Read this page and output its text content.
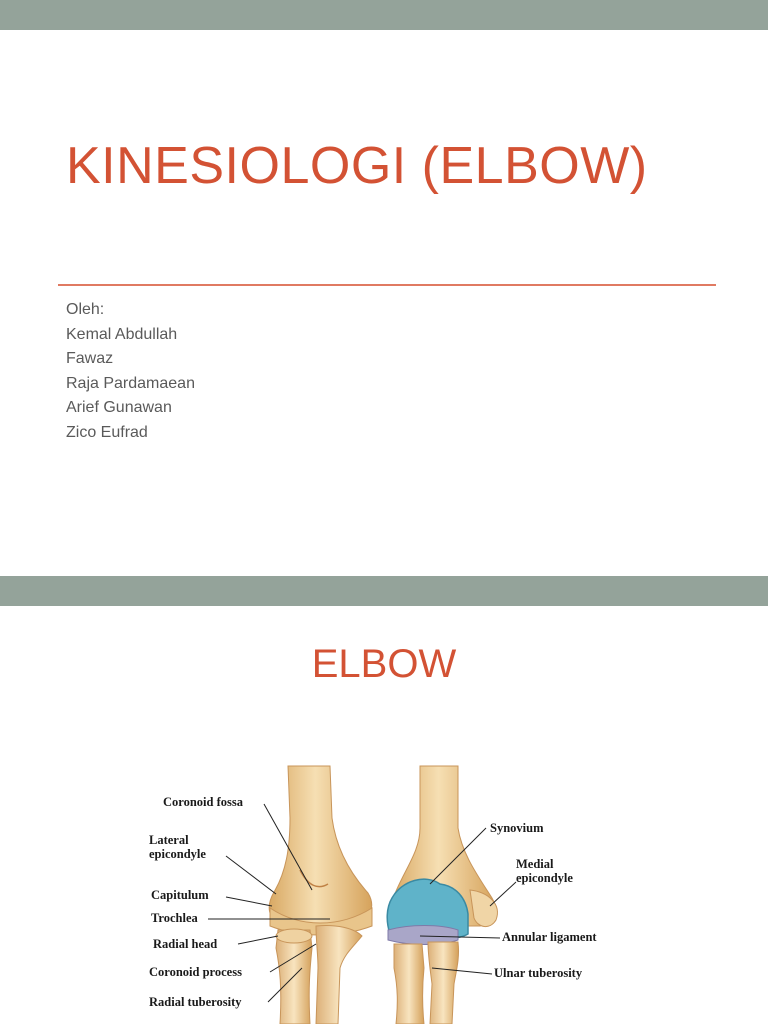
KINESIOLOGI (ELBOW)
Oleh:
Kemal Abdullah
Fawaz
Raja Pardamaean
Arief Gunawan
Zico Eufrad
ELBOW
Coronoid fossa
Lateral
epicondyle
Capitulum
Trochlea
Radial head
Coronoid process
Radial tuberosity
Synovium
Medial
epicondyle
Annular ligament
Ulnar tuberosity
